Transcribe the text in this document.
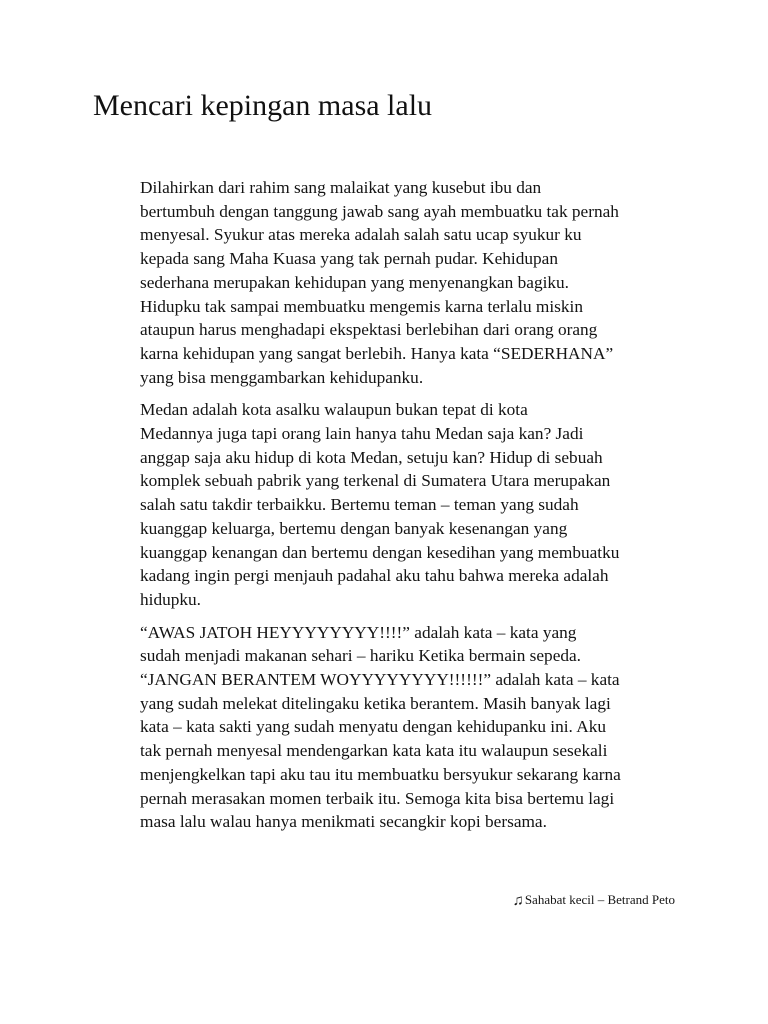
Mencari kepingan masa lalu

Dilahirkan dari rahim sang malaikat yang kusebut ibu dan
bertumbuh dengan tanggung jawab sang ayah membuatku tak pernah
menyesal. Syukur atas mereka adalah salah satu ucap syukur ku
kepada sang Maha Kuasa yang tak pernah pudar. Kehidupan
sederhana merupakan kehidupan yang menyenangkan bagiku.
Hidupku tak sampai membuatku mengemis karna terlalu miskin
ataupun harus menghadapi ekspektasi berlebihan dari orang orang
karna kehidupan yang sangat berlebih. Hanya kata “SEDERHANA”
yang bisa menggambarkan kehidupanku.

Medan adalah kota asalku walaupun bukan tepat di kota
Medannya juga tapi orang lain hanya tahu Medan saja kan? Jadi
anggap saja aku hidup di kota Medan, setuju kan? Hidup di sebuah
komplek sebuah pabrik yang terkenal di Sumatera Utara merupakan
salah satu takdir terbaikku. Bertemu teman – teman yang sudah
kuanggap keluarga, bertemu dengan banyak kesenangan yang
kuanggap kenangan dan bertemu dengan kesedihan yang membuatku
kadang ingin pergi menjauh padahal aku tahu bahwa mereka adalah
hidupku.

“AWAS JATOH HEYYYYYYYY!!!!” adalah kata – kata yang
sudah menjadi makanan sehari – hariku Ketika bermain sepeda.
“JANGAN BERANTEM WOYYYYYYYY!!!!!!” adalah kata – kata
yang sudah melekat ditelingaku ketika berantem. Masih banyak lagi
kata – kata sakti yang sudah menyatu dengan kehidupanku ini. Aku
tak pernah menyesal mendengarkan kata kata itu walaupun sesekali
menjengkelkan tapi aku tau itu membuatku bersyukur sekarang karna
pernah merasakan momen terbaik itu. Semoga kita bisa bertemu lagi
masa lalu walau hanya menikmati secangkir kopi bersama.

♫Sahabat kecil – Betrand Peto
